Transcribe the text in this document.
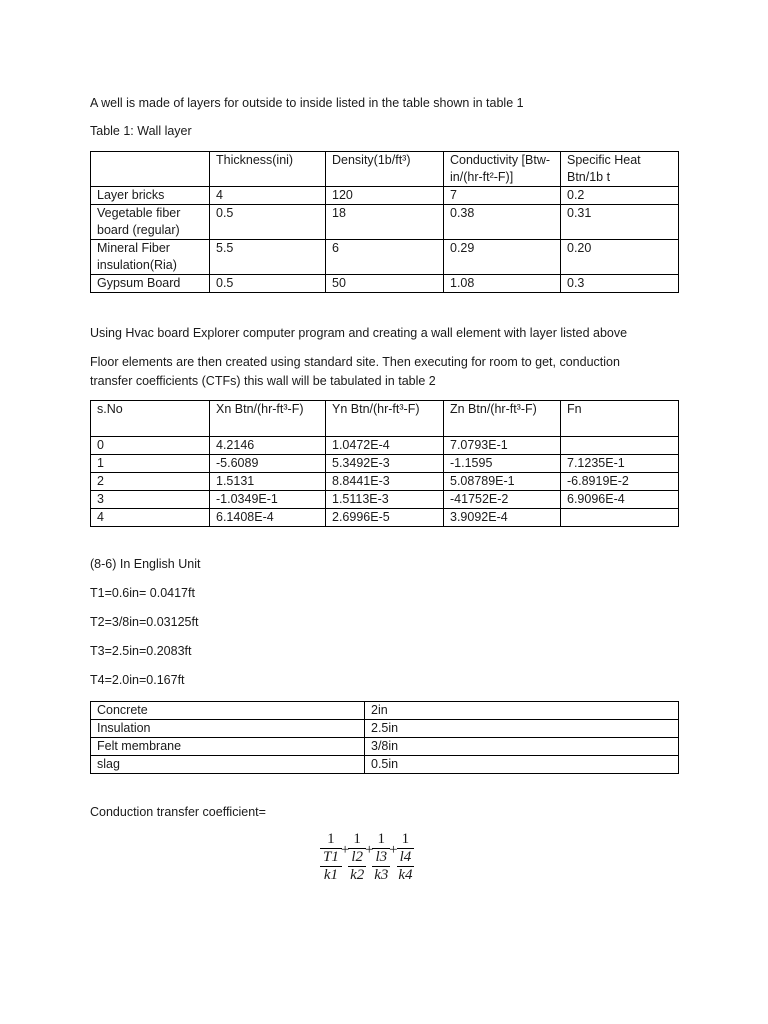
A well is made of layers for outside to inside listed in the table shown in table 1
Table 1: Wall layer
	Thickness(ini)	Density(1b/ft³)	Conductivity [Btw-in/(hr-ft²-F)]	Specific Heat Btn/1b t
Layer bricks	4	120	7	0.2
Vegetable fiber board (regular)	0.5	18	0.38	0.31
Mineral Fiber insulation(Ria)	5.5	6	0.29	0.20
Gypsum Board	0.5	50	1.08	0.3
Using Hvac board Explorer computer program and creating a wall element with layer listed above
Floor elements are then created using standard site. Then executing for room to get, conduction
transfer coefficients (CTFs) this wall will be tabulated in table 2
s.No	Xn Btn/(hr-ft³-F)	Yn Btn/(hr-ft³-F)	Zn Btn/(hr-ft³-F)	Fn
0	4.2146	1.0472E-4	7.0793E-1	
1	-5.6089	5.3492E-3	-1.1595	7.1235E-1
2	1.5131	8.8441E-3	5.08789E-1	-6.8919E-2
3	-1.0349E-1	1.5113E-3	-41752E-2	6.9096E-4
4	6.1408E-4	2.6996E-5	3.9092E-4	
(8-6) In English Unit
T1=0.6in= 0.0417ft
T2=3/8in=0.03125ft
T3=2.5in=0.2083ft
T4=2.0in=0.167ft
Concrete	2in
Insulation	2.5in
Felt membrane	3/8in
slag	0.5in
Conduction transfer coefficient=
$\frac{1}{\frac{T1}{k1}} + \frac{1}{\frac{l2}{k2}} + \frac{1}{\frac{l3}{k3}} + \frac{1}{\frac{l4}{k4}}$
